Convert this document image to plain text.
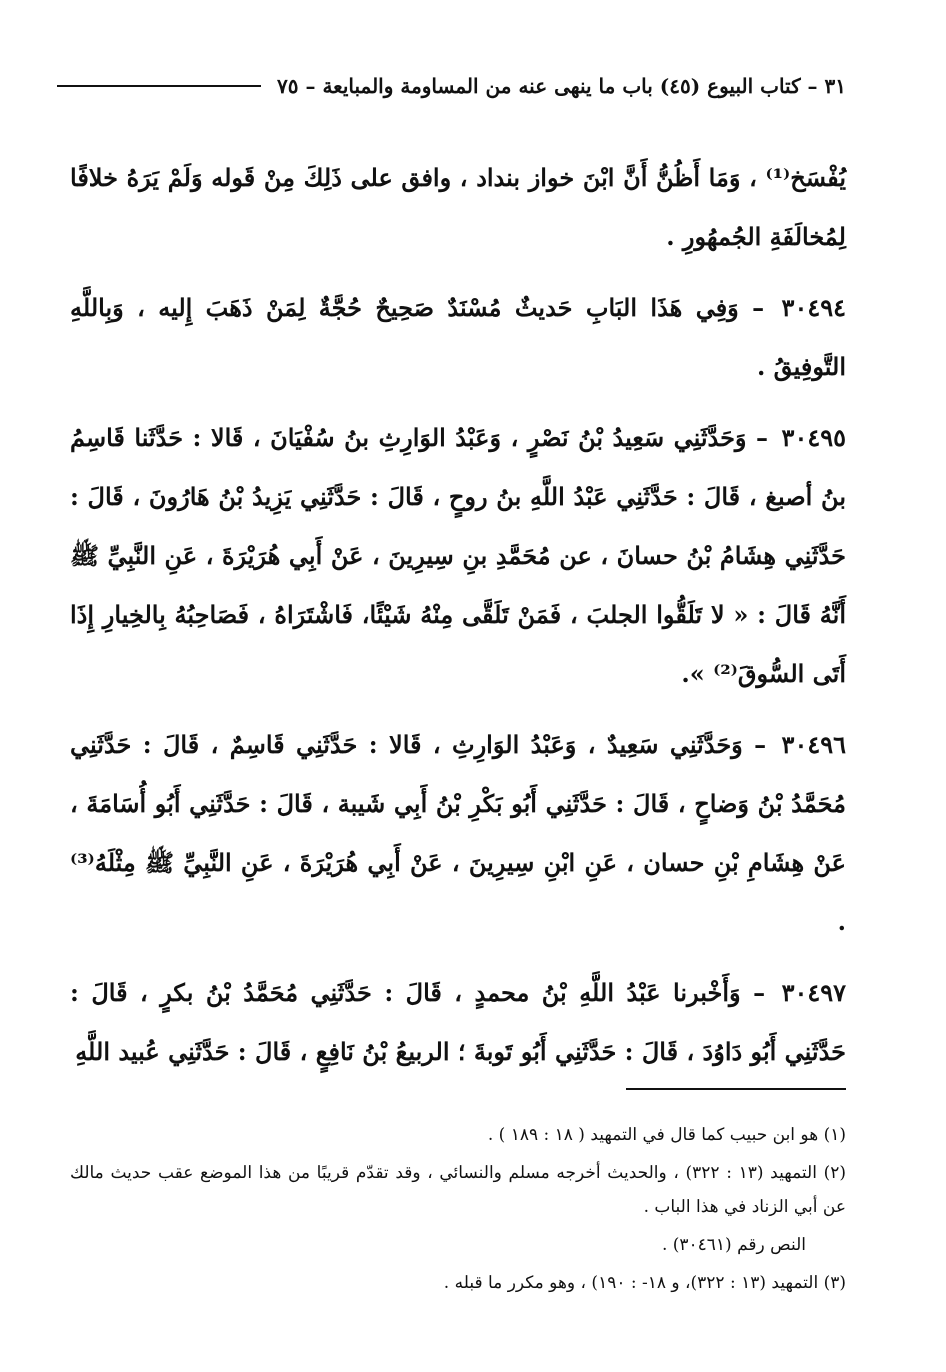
٣١ – كتاب البيوع (٤٥) باب ما ينهى عنه من المساومة والمبايعة – ٧٥

يُفْسَخ⁽¹⁾ ، وَمَا أَظُنُّ أَنَّ ابْنَ خواز بنداد ، وافق على ذَلِكَ مِنْ قَوله وَلَمْ يَرَهُ خلافًا لِمُخالَفَةِ الجُمهُورِ .

٣٠٤٩٤ – وَفِي هَذَا البَابِ حَديثٌ مُسْنَدٌ صَحِيحٌ حُجَّةٌ لِمَنْ ذَهَبَ إِليه ، وَبِاللَّهِ التَّوفِيقُ .

٣٠٤٩٥ – وَحَدَّثَنِي سَعِيدُ بْنُ نَصْرٍ ، وَعَبْدُ الوَارِثِ بنُ سُفْيَانَ ، قَالا : حَدَّثَنا قَاسِمُ بنُ أصبغ ، قَالَ : حَدَّثَنِي عَبْدُ اللَّهِ بنُ روحٍ ، قَالَ : حَدَّثَنِي يَزِيدُ بْنُ هَارُونَ ، قَالَ : حَدَّثَنِي هِشَامُ بْنُ حسانَ ، عن مُحَمَّدِ بنِ سِيرِينَ ، عَنْ أَبِي هُرَيْرَةَ ، عَنِ النَّبِيِّ ﷺ أَنَّهُ قَالَ : « لا تَلَقُّوا الجلبَ ، فَمَنْ تَلَقَّى مِنْهُ شَيْئًا، فَاشْتَرَاهُ ، فَصَاحِبُهُ بِالخِيارِ إِذَا أَتَى السُّوقَ⁽²⁾ ».

٣٠٤٩٦ – وَحَدَّثَنِي سَعِيدٌ ، وَعَبْدُ الوَارِثِ ، قَالا : حَدَّثَنِي قَاسِمٌ ، قَالَ : حَدَّثَنِي مُحَمَّدُ بْنُ وَضاحٍ ، قَالَ : حَدَّثَنِي أَبُو بَكْرِ بْنُ أَبِي شَيبة ، قَالَ : حَدَّثَنِي أَبُو أُسَامَةَ ، عَنْ هِشَامِ بْنِ حسان ، عَنِ ابْنِ سِيرِينَ ، عَنْ أَبِي هُرَيْرَةَ ، عَنِ النَّبِيِّ ﷺ مِثْلَهُ⁽³⁾ .

٣٠٤٩٧ – وَأَخْبرنا عَبْدُ اللَّهِ بْنُ محمدٍ ، قَالَ : حَدَّثَنِي مُحَمَّدُ بْنُ بكرٍ ، قَالَ : حَدَّثَنِي أَبُو دَاوُدَ ، قَالَ : حَدَّثَنِي أَبُو تَوبةَ ؛ الربيعُ بْنُ نَافِعٍ ، قَالَ : حَدَّثَنِي عُبيد اللَّهِ

(١) هو ابن حبيب كما قال في التمهيد ( ١٨ : ١٨٩ ) .

(٢) التمهيد (١٣ : ٣٢٢) ، والحديث أخرجه مسلم والنسائي ، وقد تقدّم قريبًا من هذا الموضع عقب حديث مالك عن أبي الزناد في هذا الباب .

النص رقم (٣٠٤٦١) .

(٣) التمهيد (١٣ : ٣٢٢)، و ١٨- : ١٩٠) ، وهو مكرر ما قبله .
